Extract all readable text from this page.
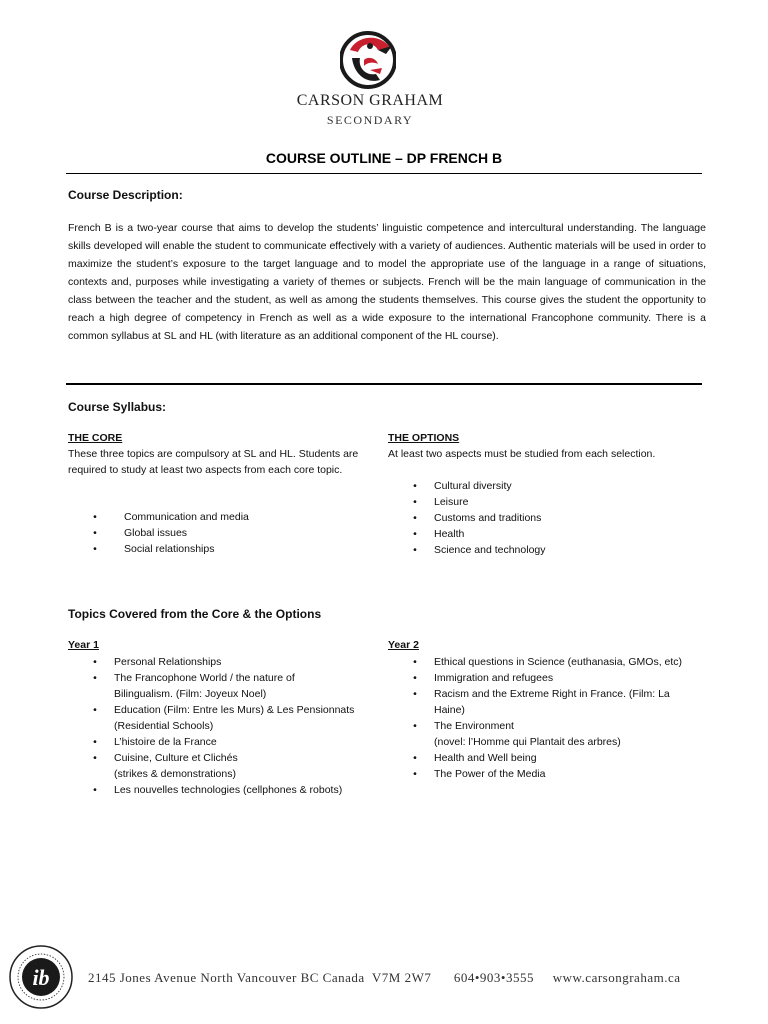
CARSON GRAHAM
SECONDARY
COURSE OUTLINE – DP FRENCH B
Course Description:
French B is a two-year course that aims to develop the students’ linguistic competence and intercultural understanding. The language skills developed will enable the student to communicate effectively with a variety of audiences. Authentic materials will be used in order to maximize the student’s exposure to the target language and to model the appropriate use of the language in a range of situations, contexts and, purposes while investigating a variety of themes or subjects. French will be the main language of communication in the class between the teacher and the student, as well as among the students themselves. This course gives the student the opportunity to reach a high degree of competency in French as well as a wide exposure to the international Francophone community. There is a common syllabus at SL and HL (with literature as an additional component of the HL course).
Course Syllabus:
THE CORE
These three topics are compulsory at SL and HL. Students are required to study at least two aspects from each core topic.
•	Communication and media
•	Global issues
•	Social relationships
THE OPTIONS
At least two aspects must be studied from each selection.
•	Cultural diversity
•	Leisure
•	Customs and traditions
•	Health
•	Science and technology
Topics Covered from the Core & the Options
Year 1
•	Personal Relationships
•	The Francophone World / the nature of
Bilingualism. (Film: Joyeux Noel)
•	Education (Film: Entre les Murs) & Les Pensionnats
(Residential Schools)
•	L’histoire de la France
•	Cuisine, Culture et Clichés
(strikes & demonstrations)
•	Les nouvelles technologies (cellphones & robots)
Year 2
•	Ethical questions in Science (euthanasia, GMOs, etc)
•	Immigration and refugees
•	Racism and the Extreme Right in France. (Film: La
Haine)
•	The Environment
(novel: l’Homme qui Plantait des arbres)
•	Health and Well being
•	The Power of the Media
ib	2145 Jones Avenue North Vancouver BC Canada  V7M 2W7      604•903•3555     www.carsongraham.ca
